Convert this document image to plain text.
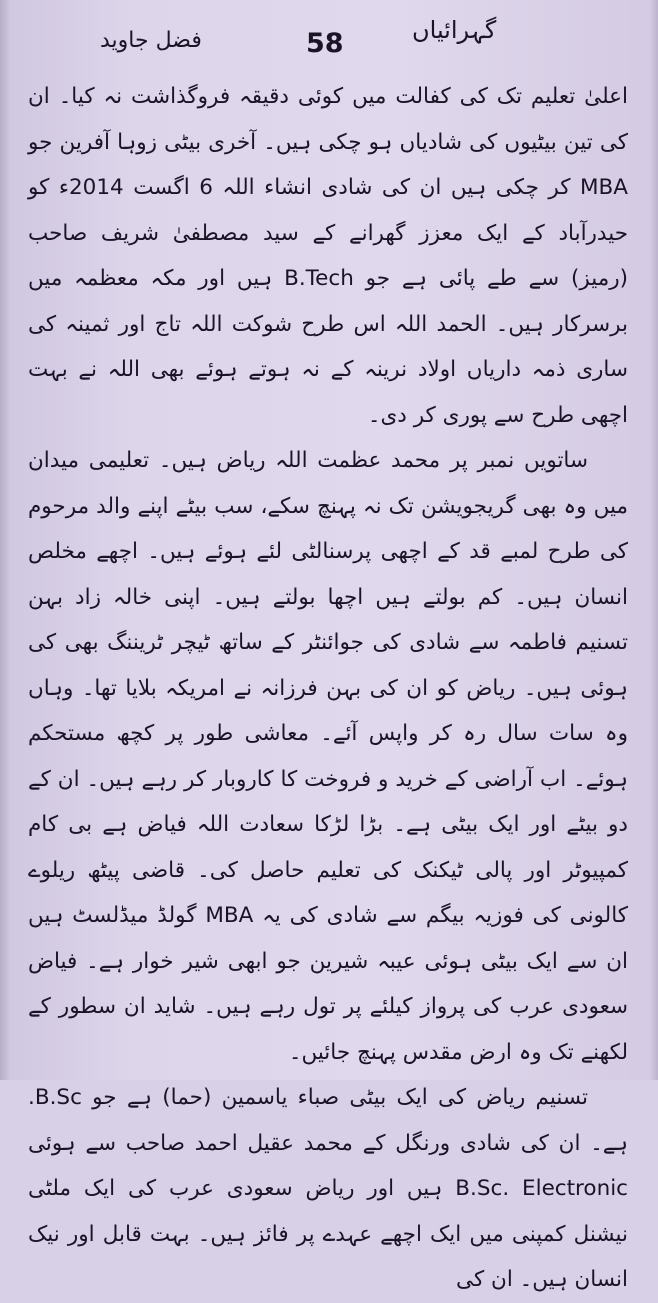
فضل جاوید	58	گہرائیاں

اعلیٰ تعلیم تک کی کفالت میں کوئی دقیقہ فروگذاشت نہ کیا۔ ان کی تین بیٹیوں کی شادیاں ہو چکی ہیں۔ آخری بیٹی زوہا آفرین جو MBA کر چکی ہیں ان کی شادی انشاء اللہ 6 اگست 2014ء کو حیدرآباد کے ایک معزز گھرانے کے سید مصطفیٰ شریف صاحب (رمیز) سے طے پائی ہے جو B.Tech ہیں اور مکہ معظمہ میں برسرکار ہیں۔ الحمد اللہ اس طرح شوکت اللہ تاج اور ثمینہ کی ساری ذمہ داریاں اولاد نرینہ کے نہ ہوتے ہوئے بھی اللہ نے بہت اچھی طرح سے پوری کر دی۔

ساتویں نمبر پر محمد عظمت اللہ ریاض ہیں۔ تعلیمی میدان میں وہ بھی گریجویشن تک نہ پہنچ سکے، سب بیٹے اپنے والد مرحوم کی طرح لمبے قد کے اچھی پرسنالٹی لئے ہوئے ہیں۔ اچھے مخلص انسان ہیں۔ کم بولتے ہیں اچھا بولتے ہیں۔ اپنی خالہ زاد بہن تسنیم فاطمہ سے شادی کی جوائنٹر کے ساتھ ٹیچر ٹریننگ بھی کی ہوئی ہیں۔ ریاض کو ان کی بہن فرزانہ نے امریکہ بلایا تھا۔ وہاں وہ سات سال رہ کر واپس آئے۔ معاشی طور پر کچھ مستحکم ہوئے۔ اب آراضی کے خرید و فروخت کا کاروبار کر رہے ہیں۔ ان کے دو بیٹے اور ایک بیٹی ہے۔ بڑا لڑکا سعادت اللہ فیاض ہے بی کام کمپیوٹر اور پالی ٹیکنک کی تعلیم حاصل کی۔ قاضی پیٹھ ریلوے کالونی کی فوزیہ بیگم سے شادی کی یہ MBA گولڈ میڈلسٹ ہیں ان سے ایک بیٹی ہوئی عیبہ شیرین جو ابھی شیر خوار ہے۔ فیاض سعودی عرب کی پرواز کیلئے پر تول رہے ہیں۔ شاید ان سطور کے لکھنے تک وہ ارض مقدس پہنچ جائیں۔

تسنیم ریاض کی ایک بیٹی صباء یاسمین (حما) ہے جو B.Sc. ہے۔ ان کی شادی ورنگل کے محمد عقیل احمد صاحب سے ہوئی B.Sc. Electronic ہیں اور ریاض سعودی عرب کی ایک ملٹی نیشنل کمپنی میں ایک اچھے عہدے پر فائز ہیں۔ بہت قابل اور نیک انسان ہیں۔ ان کی
